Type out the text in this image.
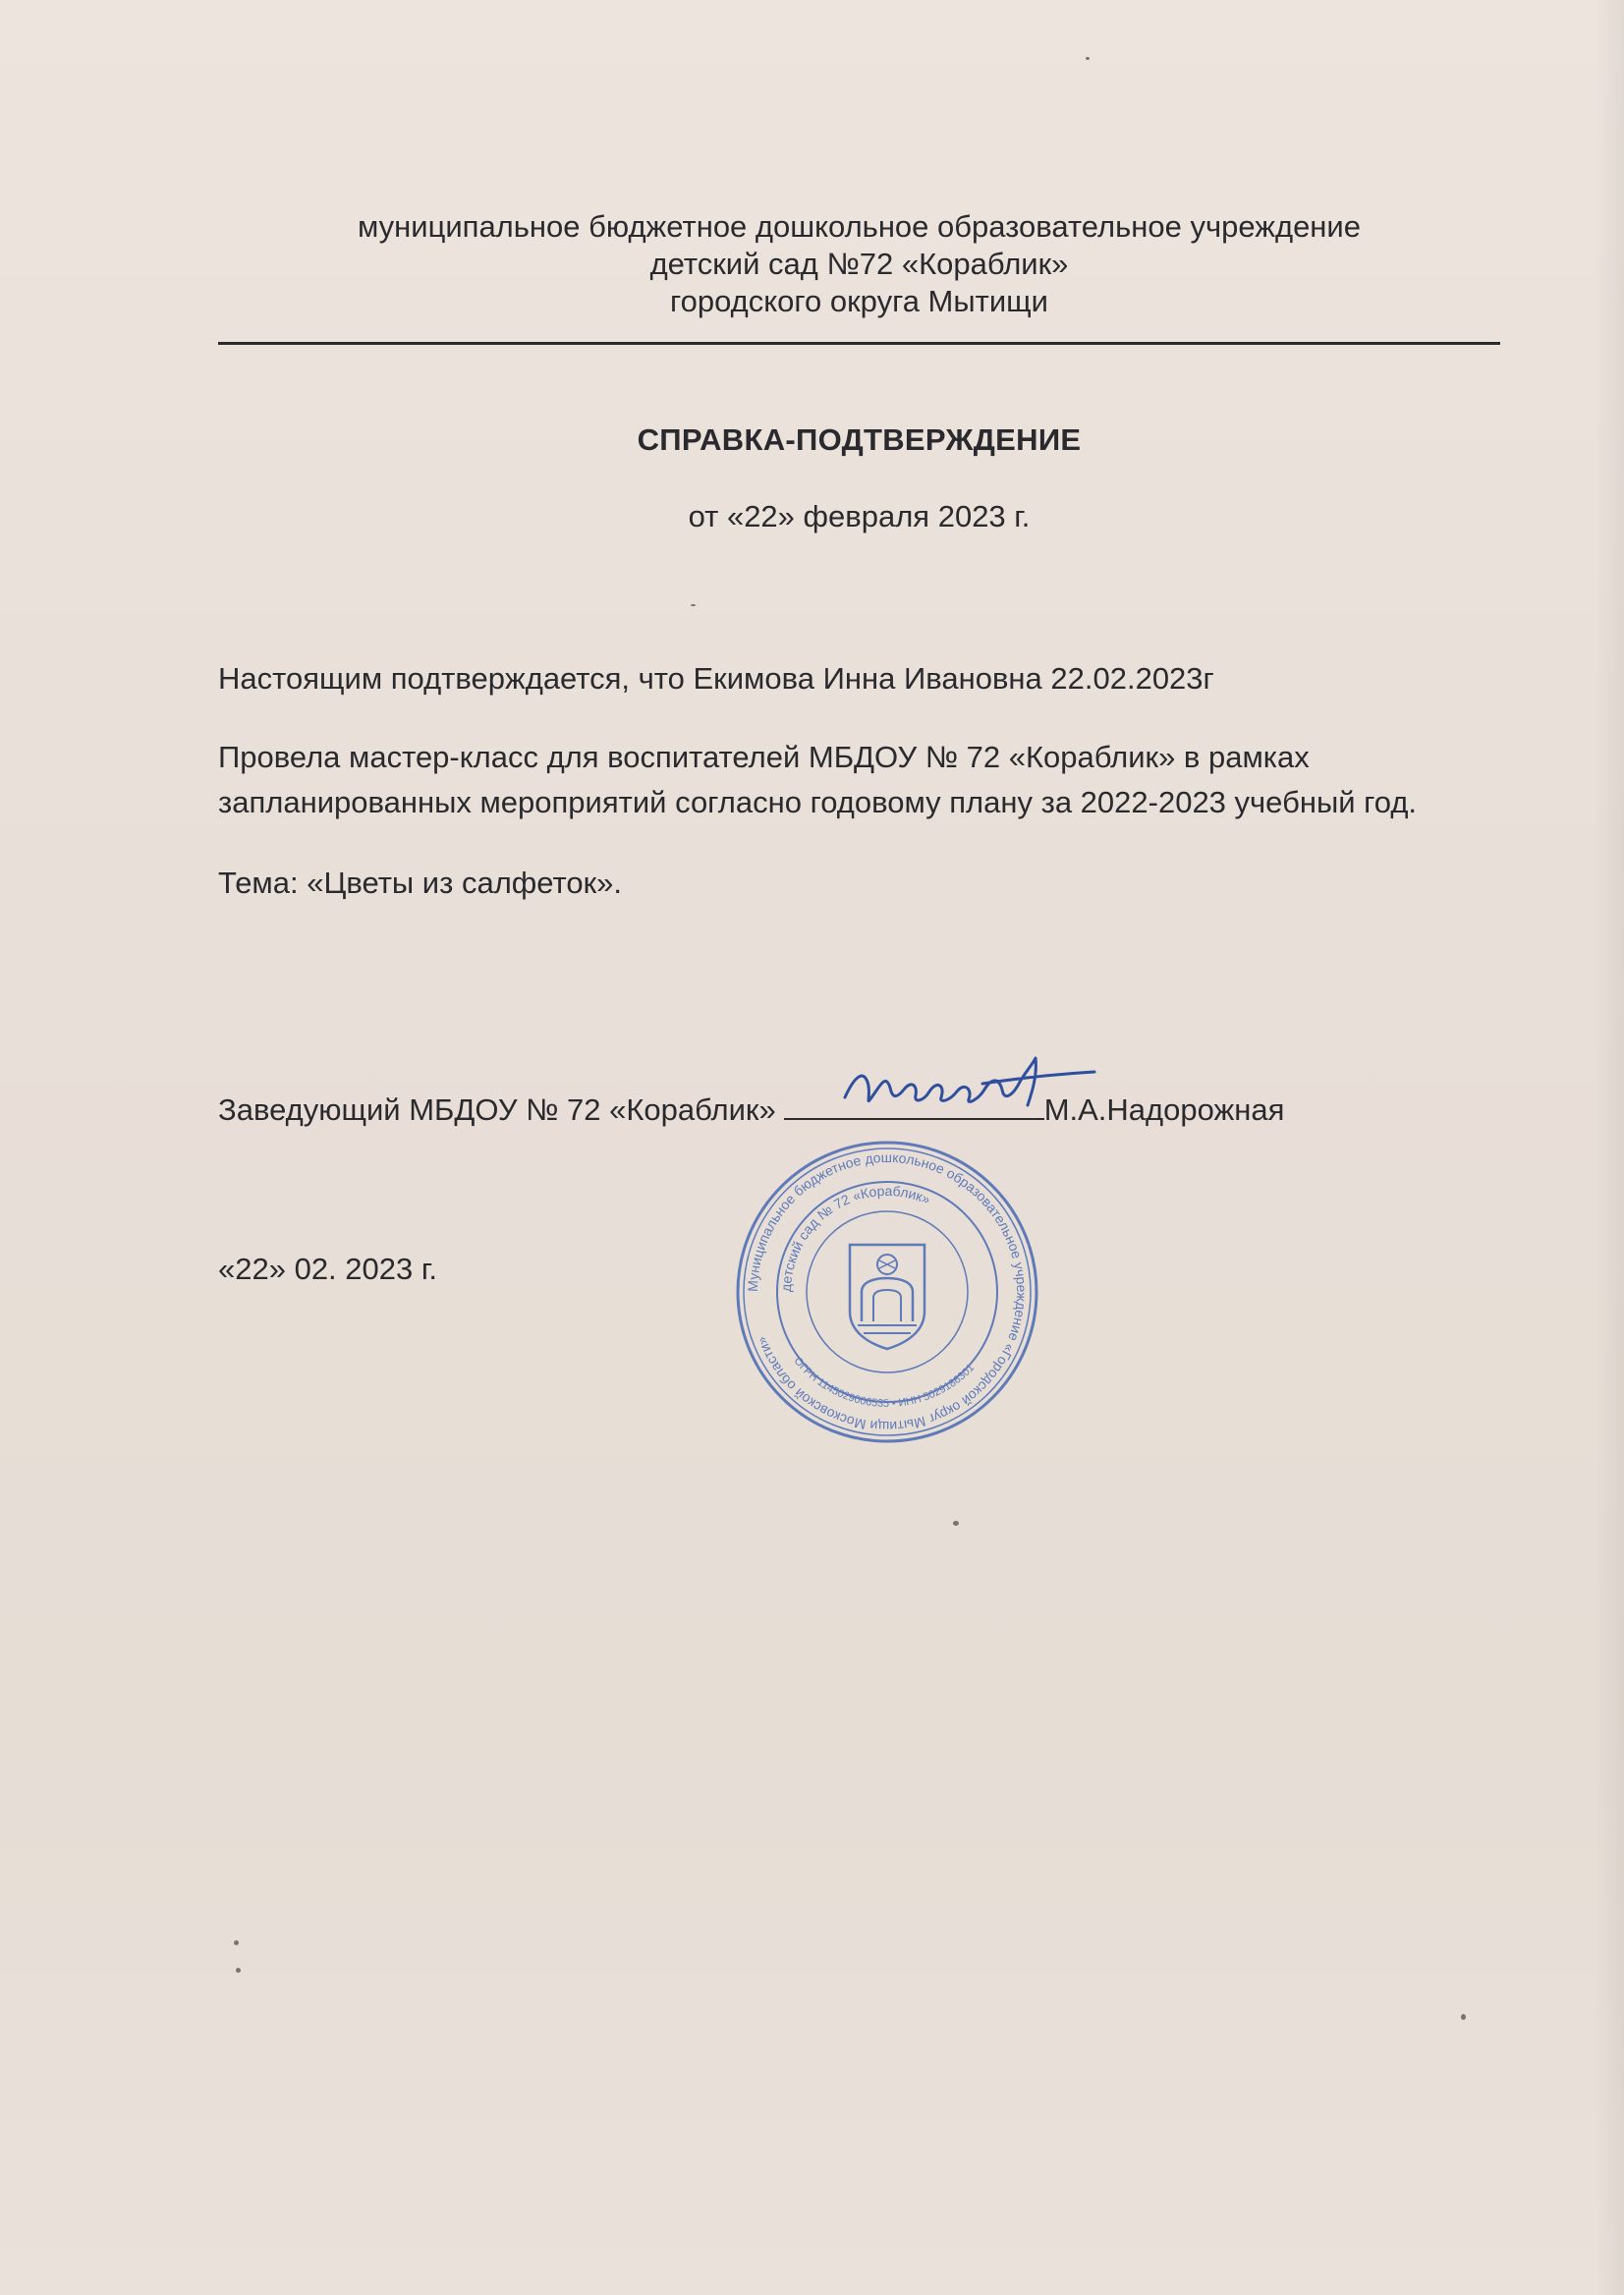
муниципальное бюджетное дошкольное образовательное учреждение
детский сад №72 «Кораблик»
городского округа Мытищи
СПРАВКА-ПОДТВЕРЖДЕНИЕ
от «22» февраля 2023 г.
Настоящим подтверждается, что Екимова Инна Ивановна 22.02.2023г
Провела мастер-класс для воспитателей МБДОУ № 72 «Кораблик» в рамках запланированных мероприятий согласно годовому плану за 2022-2023 учебный год.
Тема: «Цветы из салфеток».
Заведующий МБДОУ № 72 «Кораблик»	М.А.Надорожная
Муниципальное бюджетное дошкольное образовательное учреждение «Городской округ Мытищи Московской области»
детский сад № 72 «Кораблик»
ОГРН 1145029006535 • ИНН 5029186301
«22» 02. 2023 г.
